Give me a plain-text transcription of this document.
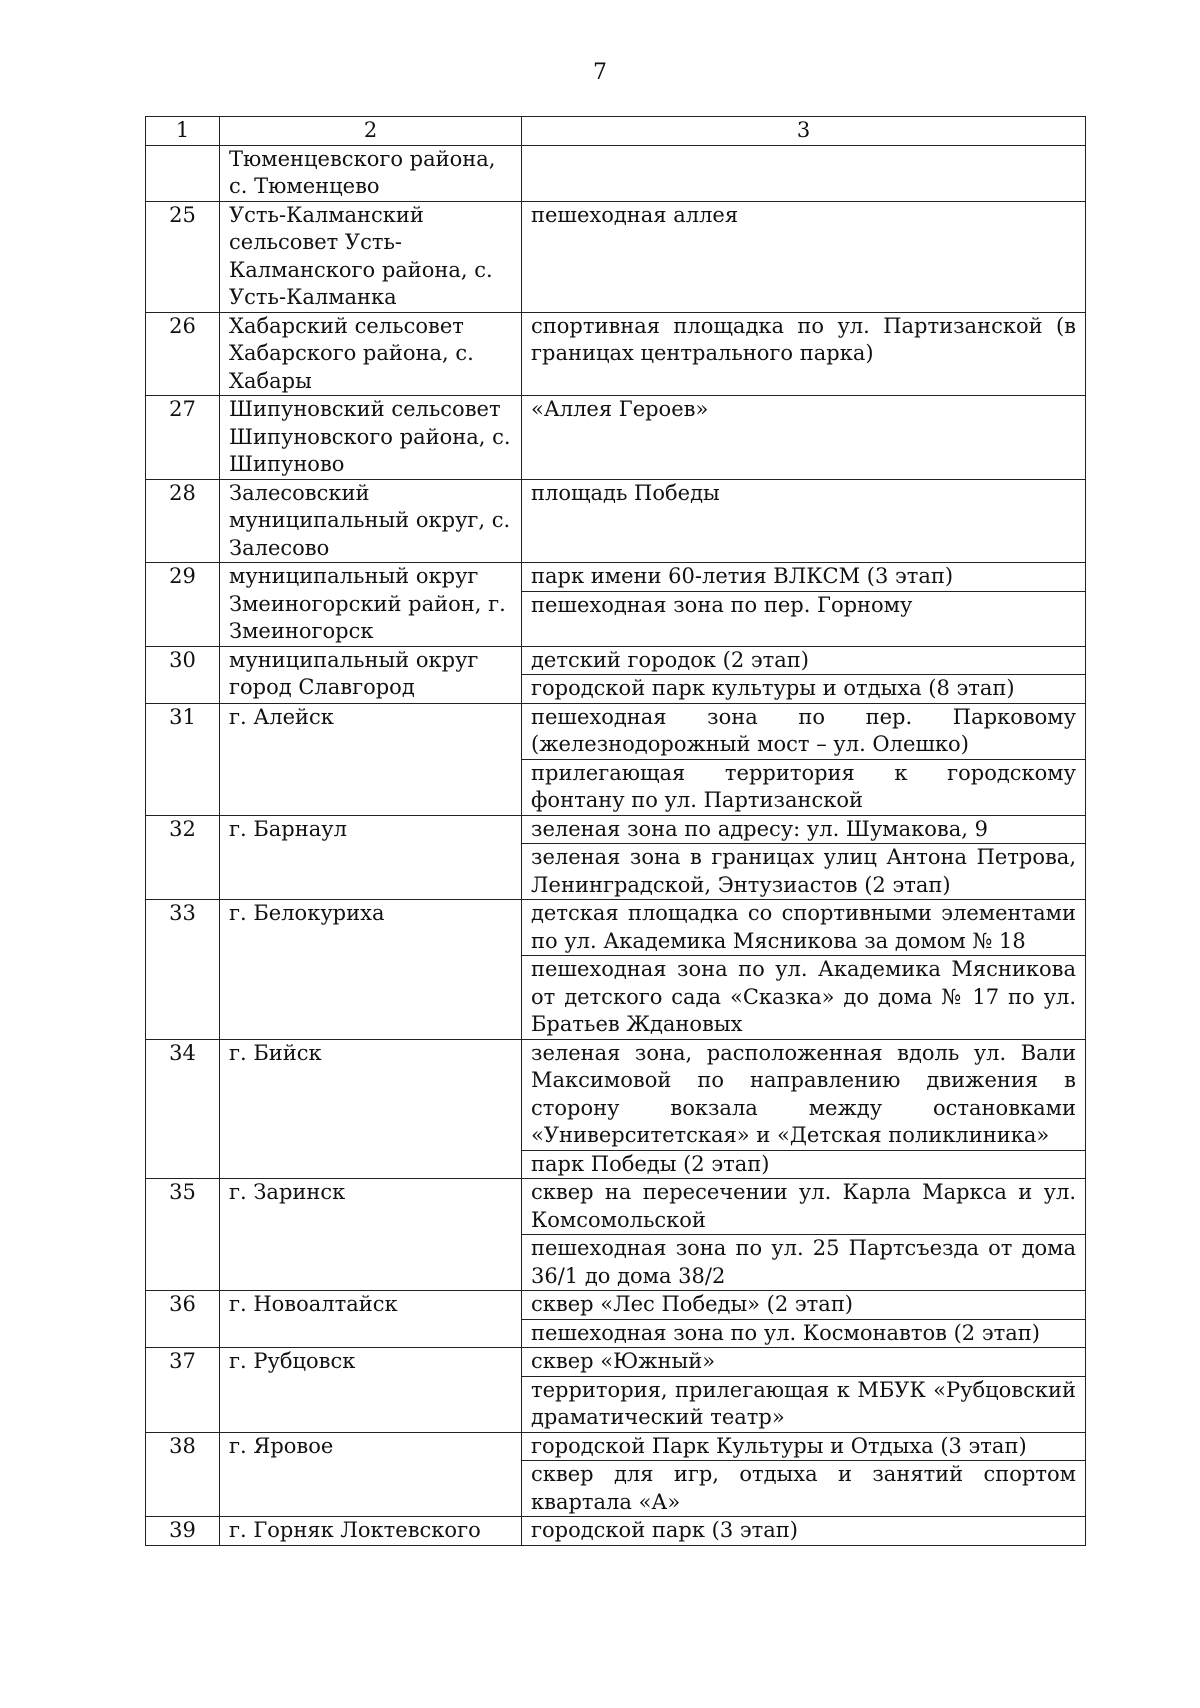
7
1	2	3
	Тюменцевского района, с. Тюменцево	

25	Усть-Калманский сельсовет Усть-Калманского района, с. Усть-Калманка	пешеходная аллея

26	Хабарский сельсовет Хабарского района, с. Хабары	спортивная площадка по ул. Партизанской (в границах центрального парка)

27	Шипуновский сельсовет Шипуновского района, с. Шипуново	«Аллея Героев»

28	Залесовский муниципальный округ, с. Залесово	площадь Победы

29	муниципальный округ Змеиногорский район, г. Змеиногорск	парк имени 60-летия ВЛКСМ (3 этап)
пешеходная зона по пер. Горному

30	муниципальный округ город Славгород	детский городок (2 этап)
городской парк культуры и отдыха (8 этап)

31	г. Алейск	пешеходная зона по пер. Парковому (железнодорожный мост – ул. Олешко)
прилегающая территория к городскому фонтану по ул. Партизанской

32	г. Барнаул	зеленая зона по адресу: ул. Шумакова, 9
зеленая зона в границах улиц Антона Петрова, Ленинградской, Энтузиастов (2 этап)

33	г. Белокуриха	детская площадка со спортивными элементами по ул. Академика Мясникова за домом № 18
пешеходная зона по ул. Академика Мясникова от детского сада «Сказка» до дома № 17 по ул. Братьев Ждановых

34	г. Бийск	зеленая зона, расположенная вдоль ул. Вали Максимовой по направлению движения в сторону вокзала между остановками «Университетская» и «Детская поликлиника»
парк Победы (2 этап)

35	г. Заринск	сквер на пересечении ул. Карла Маркса и ул. Комсомольской
пешеходная зона по ул. 25 Партсъезда от дома 36/1 до дома 38/2

36	г. Новоалтайск	сквер «Лес Победы» (2 этап)
пешеходная зона по ул. Космонавтов (2 этап)

37	г. Рубцовск	сквер «Южный»
территория, прилегающая к МБУК «Рубцовский драматический театр»

38	г. Яровое	городской Парк Культуры и Отдыха (3 этап)
сквер для игр, отдыха и занятий спортом квартала «А»

39	г. Горняк Локтевского	городской парк (3 этап)
